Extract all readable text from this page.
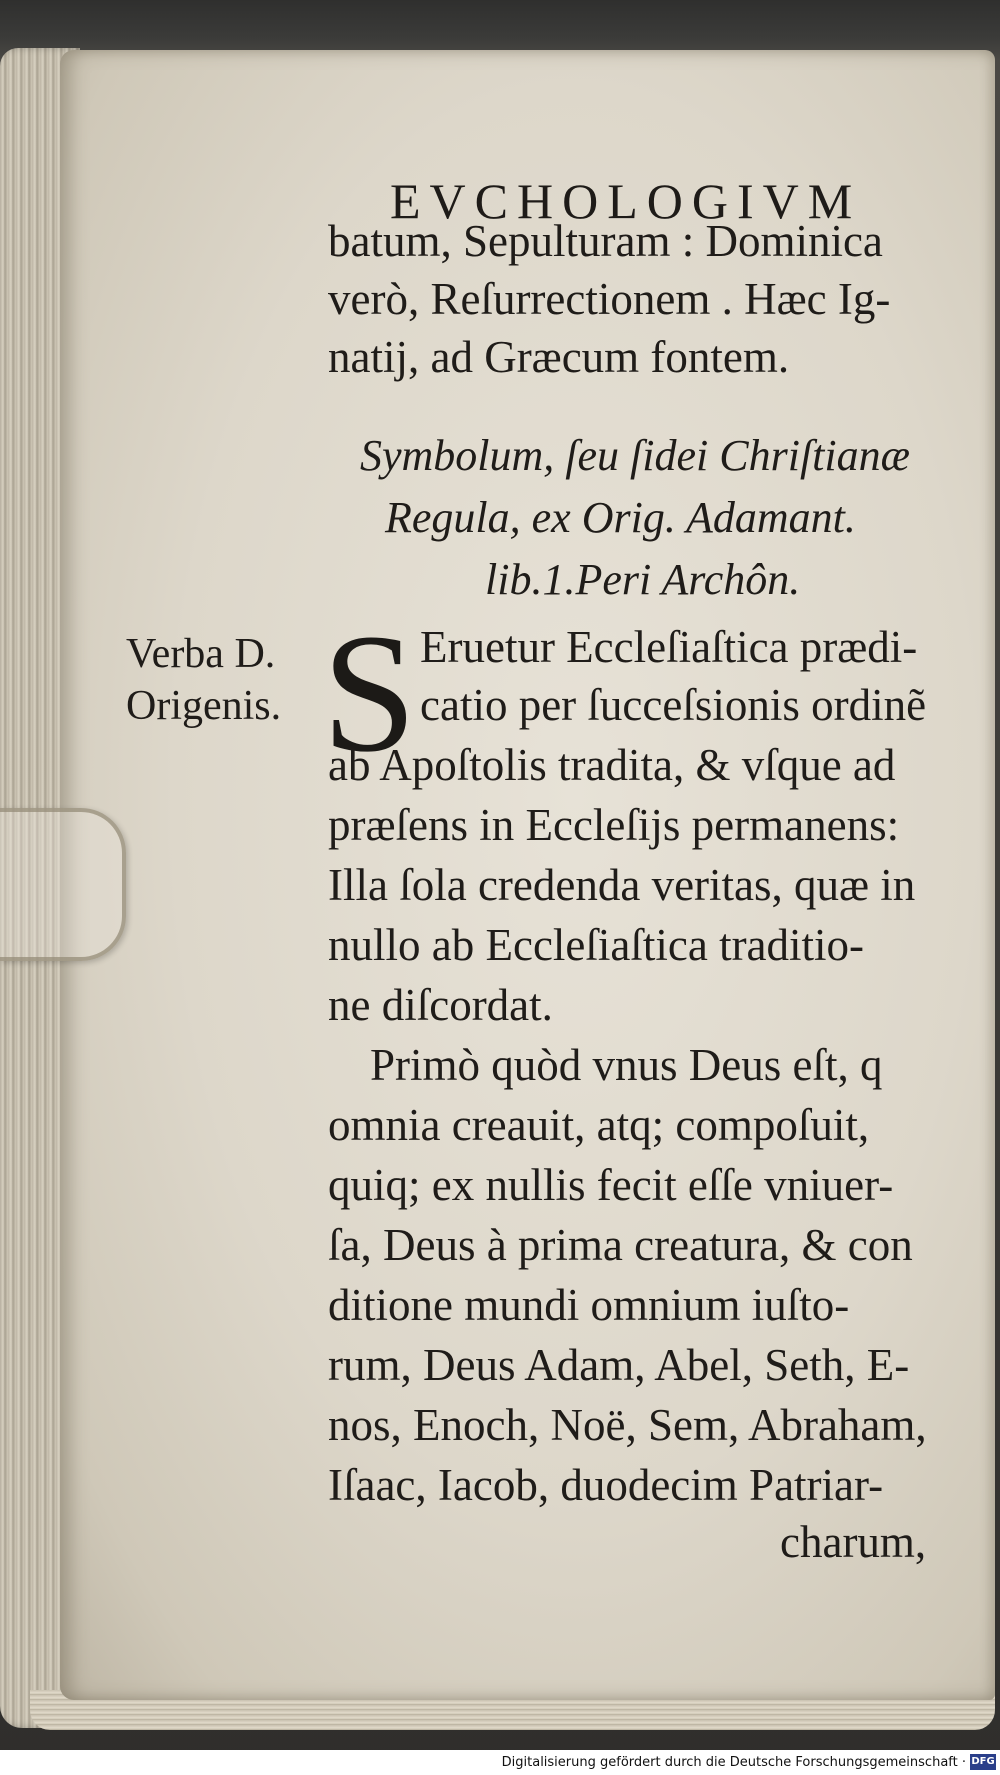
EVCHOLOGIVM
batum, Sepulturam : Dominica
verò, Reſurrectionem . Hæc Ig-
natij, ad Græcum fontem.
Symbolum, ſeu ſidei Chriſtianæ
Regula, ex Orig. Adamant.
lib.1.Peri Archôn.
Verba D.
Origenis. S Eruetur Eccleſiaſtica prædi-
catio per ſucceſsionis ordinẽ
ab Apoſtolis tradita, & vſque ad
præſens in Eccleſijs permanens:
Illa ſola credenda veritas, quæ in
nullo ab Eccleſiaſtica traditio-
ne diſcordat.
Primò quòd vnus Deus eſt, q
omnia creauit, atq; compoſuit,
quiq; ex nullis fecit eſſe vniuer-
ſa, Deus à prima creatura, & con
ditione mundi omnium iuſto-
rum, Deus Adam, Abel, Seth, E-
nos, Enoch, Noë, Sem, Abraham,
Iſaac, Iacob, duodecim Patriar-
charum,
Digitalisierung gefördert durch die Deutsche Forschungsgemeinschaft · DFG
